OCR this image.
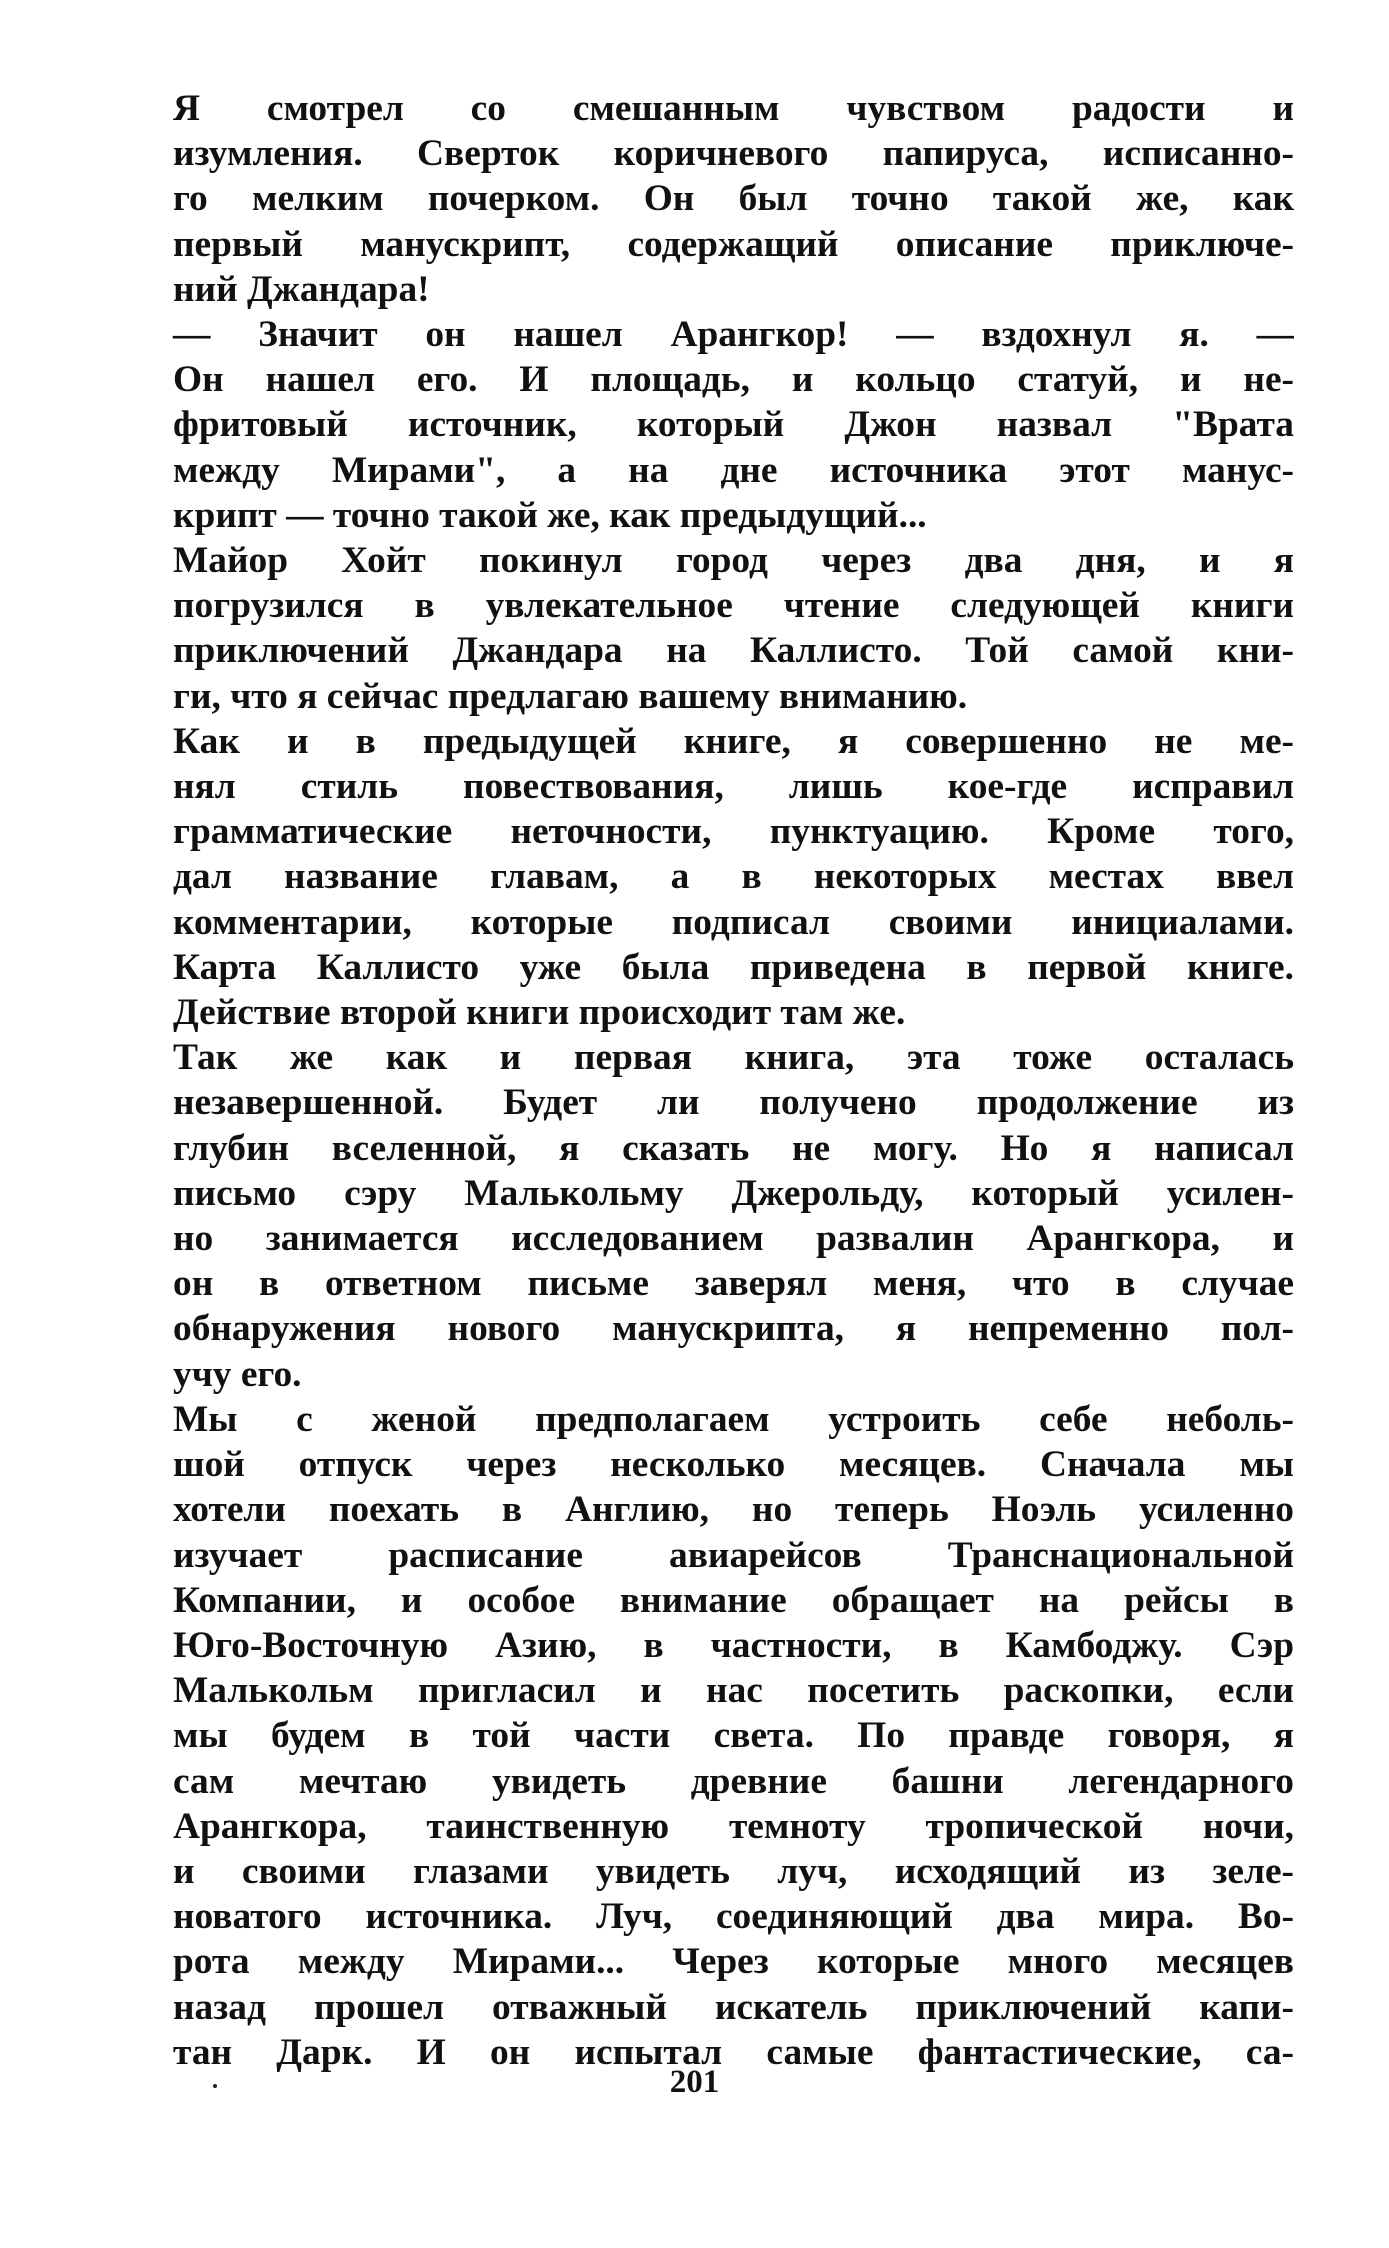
Я смотрел со смешанным чувством радости и
изумления. Сверток коричневого папируса, исписанно-
го мелким почерком. Он был точно такой же, как
первый манускрипт, содержащий описание приключе-
ний Джандара!

— Значит он нашел Арангкор! — вздохнул я. —
Он нашел его. И площадь, и кольцо статуй, и не-
фритовый источник, который Джон назвал "Врата
между Мирами", а на дне источника этот манус-
крипт — точно такой же, как предыдущий...

Майор Хойт покинул город через два дня, и я
погрузился в увлекательное чтение следующей книги
приключений Джандара на Каллисто. Той самой кни-
ги, что я сейчас предлагаю вашему вниманию.

Как и в предыдущей книге, я совершенно не ме-
нял стиль повествования, лишь кое-где исправил
грамматические неточности, пунктуацию. Кроме того,
дал название главам, а в некоторых местах ввел
комментарии, которые подписал своими инициалами.
Карта Каллисто уже была приведена в первой книге.
Действие второй книги происходит там же.

Так же как и первая книга, эта тоже осталась
незавершенной. Будет ли получено продолжение из
глубин вселенной, я сказать не могу. Но я написал
письмо сэру Малькольму Джерольду, который усилен-
но занимается исследованием развалин Арангкора, и
он в ответном письме заверял меня, что в случае
обнаружения нового манускрипта, я непременно пол-
учу его.

Мы с женой предполагаем устроить себе неболь-
шой отпуск через несколько месяцев. Сначала мы
хотели поехать в Англию, но теперь Ноэль усиленно
изучает расписание авиарейсов Транснациональной
Компании, и особое внимание обращает на рейсы в
Юго-Восточную Азию, в частности, в Камбоджу. Сэр
Малькольм пригласил и нас посетить раскопки, если
мы будем в той части света. По правде говоря, я
сам мечтаю увидеть древние башни легендарного
Арангкора, таинственную темноту тропической ночи,
и своими глазами увидеть луч, исходящий из зеле-
новатого источника. Луч, соединяющий два мира. Во-
рота между Мирами... Через которые много месяцев
назад прошел отважный искатель приключений капи-
тан Дарк. И он испытал самые фантастические, са-

201
